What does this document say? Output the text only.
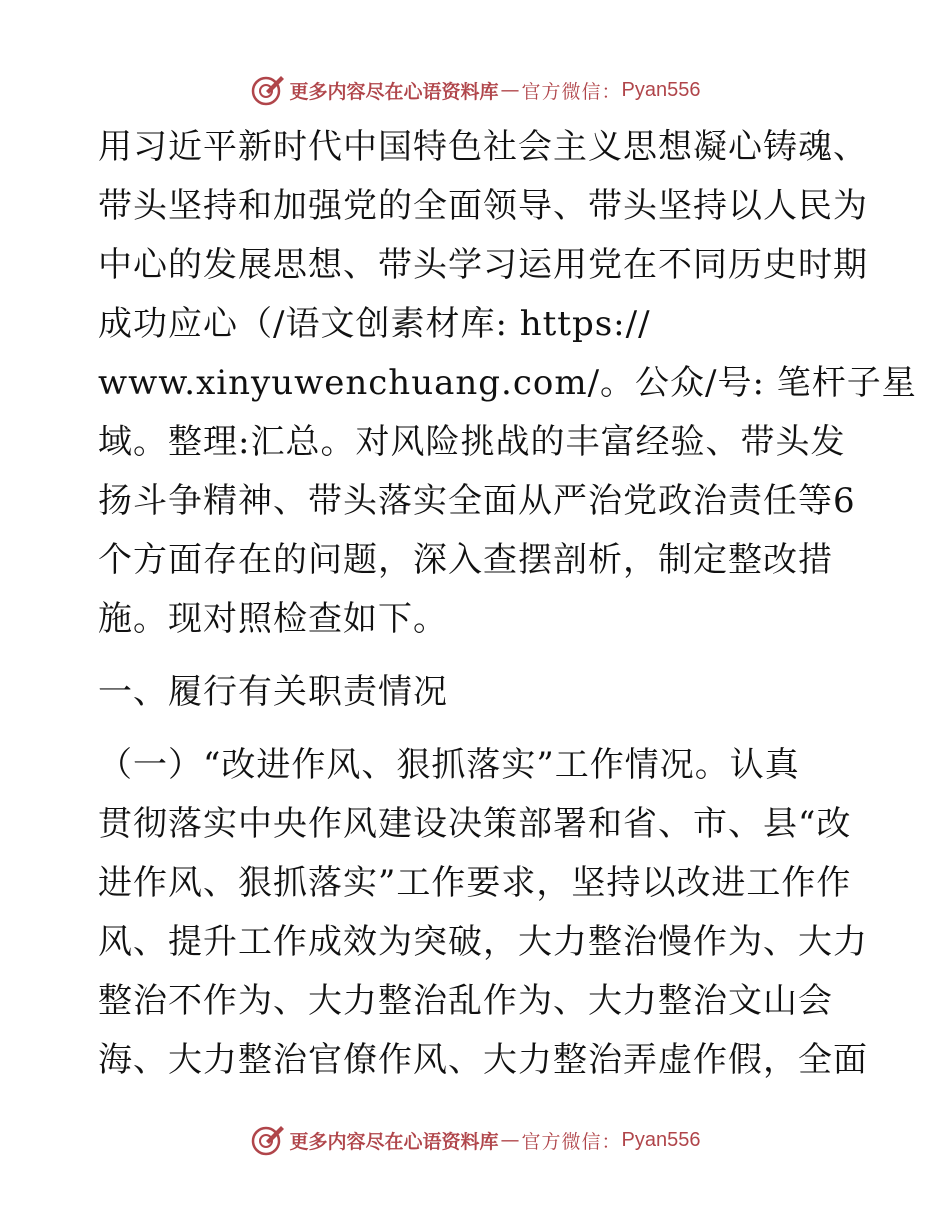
更多内容尽在心语资料库 — 官方微信： Pyan556
用习近平新时代中国特色社会主义思想凝心铸魂、
带头坚持和加强党的全面领导、带头坚持以人民为
中心的发展思想、带头学习运用党在不同历史时期
成功应心（/语文创素材库: https://
www.xinyuwenchuang.com/。公众/号: 笔杆子星
域。整理:汇总。对风险挑战的丰富经验、带头发
扬斗争精神、带头落实全面从严治党政治责任等6
个方面存在的问题，深入查摆剖析，制定整改措
施。现对照检查如下。
一、履行有关职责情况
（一）“改进作风、狠抓落实”工作情况。认真
贯彻落实中央作风建设决策部署和省、市、县“改
进作风、狠抓落实”工作要求，坚持以改进工作作
风、提升工作成效为突破，大力整治慢作为、大力
整治不作为、大力整治乱作为、大力整治文山会
海、大力整治官僚作风、大力整治弄虚作假，全面
更多内容尽在心语资料库 — 官方微信： Pyan556
